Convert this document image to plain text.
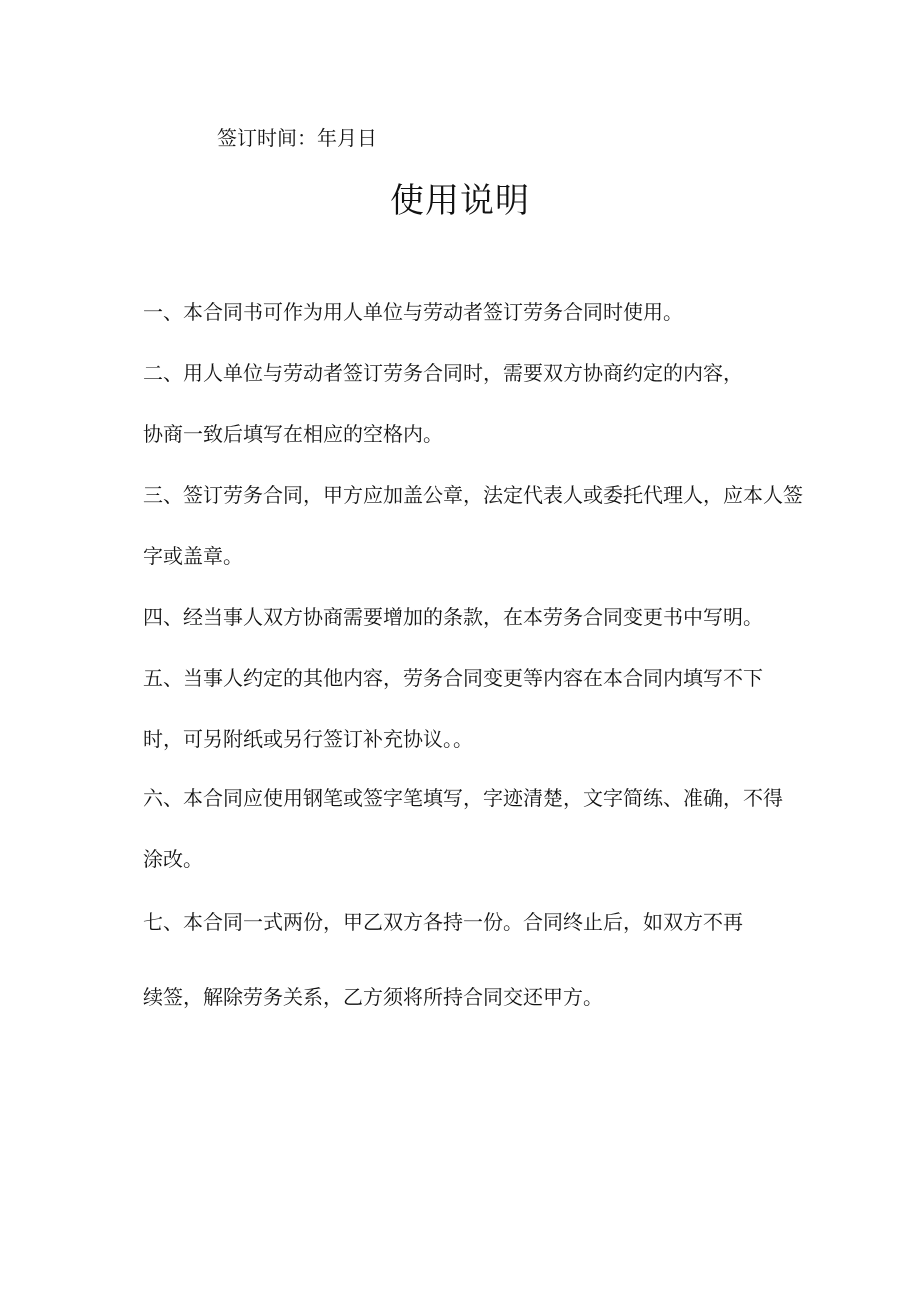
签订时间：年月日
使用说明
一、本合同书可作为用人单位与劳动者签订劳务合同时使用。
二、用人单位与劳动者签订劳务合同时，需要双方协商约定的内容，
协商一致后填写在相应的空格内。
三、签订劳务合同，甲方应加盖公章，法定代表人或委托代理人，应本人签
字或盖章。
四、经当事人双方协商需要增加的条款，在本劳务合同变更书中写明。
五、当事人约定的其他内容，劳务合同变更等内容在本合同内填写不下
时，可另附纸或另行签订补充协议。。
六、本合同应使用钢笔或签字笔填写，字迹清楚，文字简练、准确，不得
涂改。
七、本合同一式两份，甲乙双方各持一份。合同终止后，如双方不再
续签，解除劳务关系，乙方须将所持合同交还甲方。
